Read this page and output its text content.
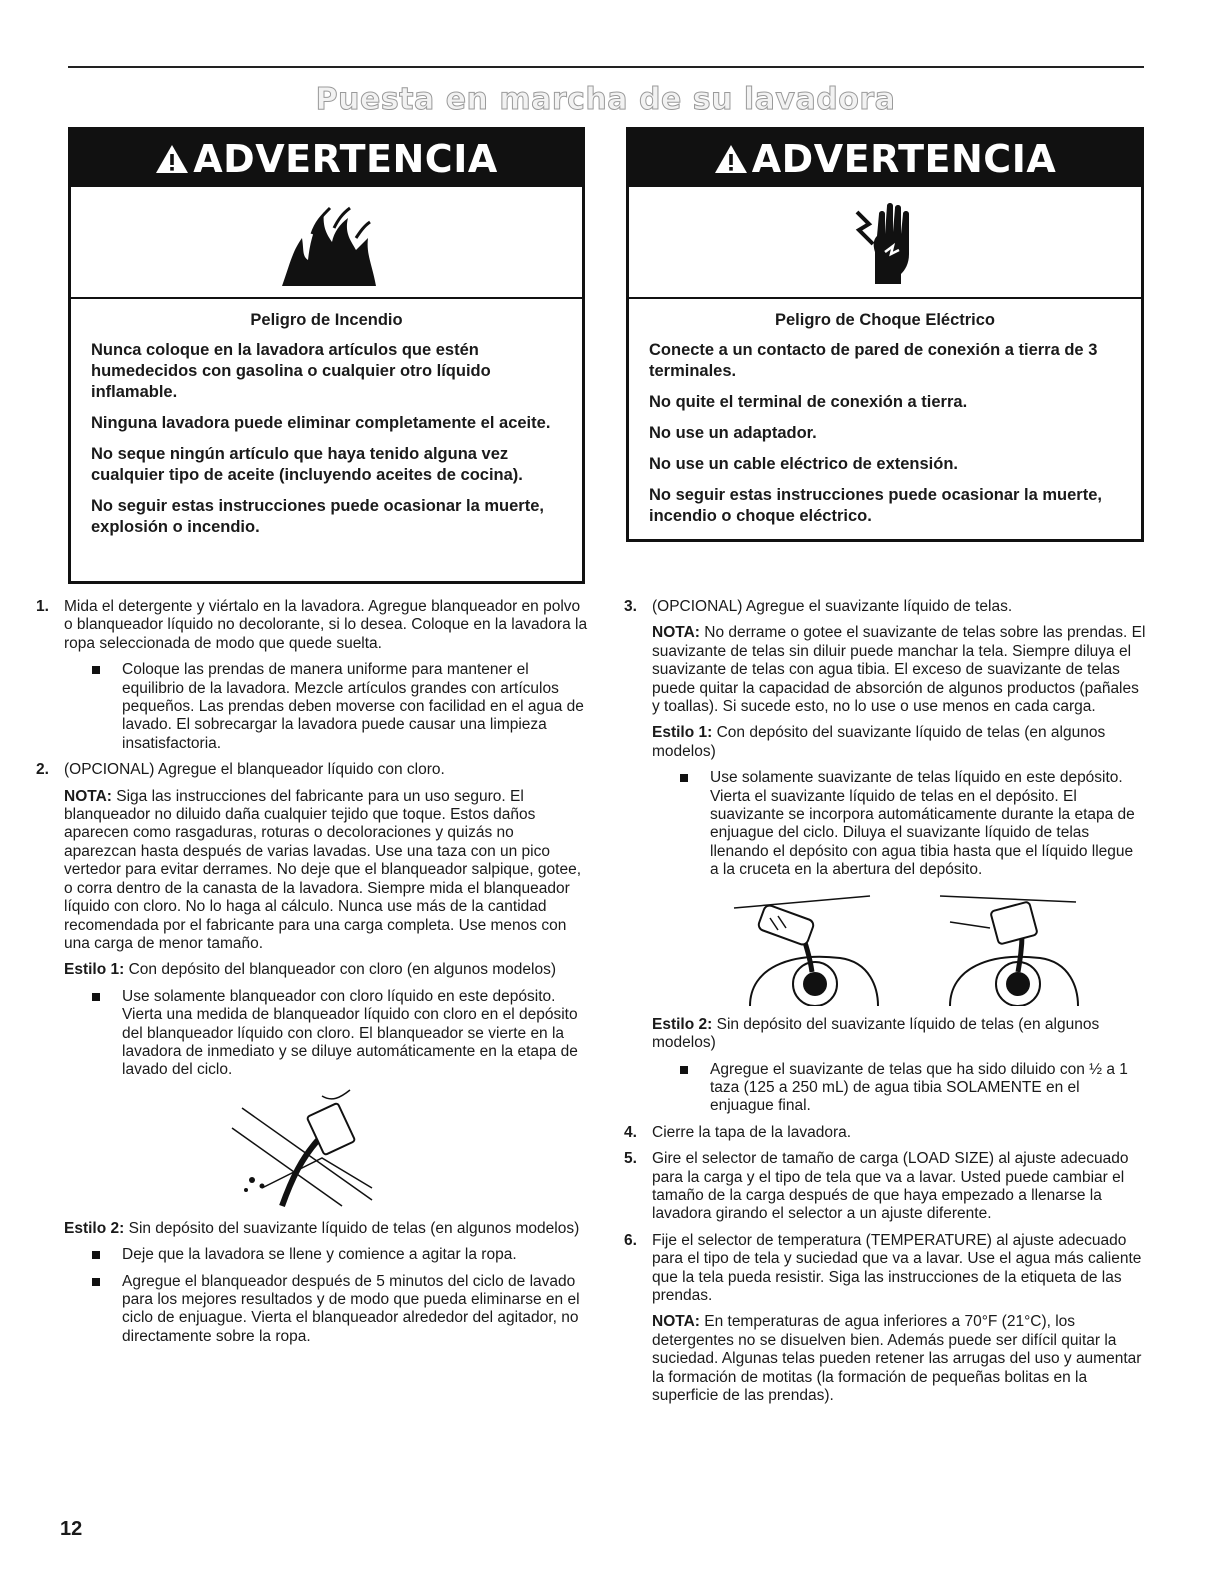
Puesta en marcha de su lavadora
ADVERTENCIA
Peligro de Incendio

Nunca coloque en la lavadora artículos que estén humedecidos con gasolina o cualquier otro líquido inflamable.

Ninguna lavadora puede eliminar completamente el aceite.

No seque ningún artículo que haya tenido alguna vez cualquier tipo de aceite (incluyendo aceites de cocina).

No seguir estas instrucciones puede ocasionar la muerte, explosión o incendio.

ADVERTENCIA
Peligro de Choque Eléctrico

Conecte a un contacto de pared de conexión a tierra de 3 terminales.

No quite el terminal de conexión a tierra.

No use un adaptador.

No use un cable eléctrico de extensión.

No seguir estas instrucciones puede ocasionar la muerte, incendio o choque eléctrico.

1. Mida el detergente y viértalo en la lavadora. Agregue blanqueador en polvo o blanqueador líquido no decolorante, si lo desea. Coloque en la lavadora la ropa seleccionada de modo que quede suelta.
Coloque las prendas de manera uniforme para mantener el equilibrio de la lavadora. Mezcle artículos grandes con artículos pequeños. Las prendas deben moverse con facilidad en el agua de lavado. El sobrecargar la lavadora puede causar una limpieza insatisfactoria.
2. (OPCIONAL) Agregue el blanqueador líquido con cloro.
NOTA: Siga las instrucciones del fabricante para un uso seguro. El blanqueador no diluido daña cualquier tejido que toque. Estos daños aparecen como rasgaduras, roturas o decoloraciones y quizás no aparezcan hasta después de varias lavadas. Use una taza con un pico vertedor para evitar derrames. No deje que el blanqueador salpique, gotee, o corra dentro de la canasta de la lavadora. Siempre mida el blanqueador líquido con cloro. No lo haga al cálculo. Nunca use más de la cantidad recomendada por el fabricante para una carga completa. Use menos con una carga de menor tamaño.
Estilo 1: Con depósito del blanqueador con cloro (en algunos modelos)
Use solamente blanqueador con cloro líquido en este depósito. Vierta una medida de blanqueador líquido con cloro en el depósito del blanqueador líquido con cloro. El blanqueador se vierte en la lavadora de inmediato y se diluye automáticamente en la etapa de lavado del ciclo.
Estilo 2: Sin depósito del suavizante líquido de telas (en algunos modelos)
Deje que la lavadora se llene y comience a agitar la ropa.
Agregue el blanqueador después de 5 minutos del ciclo de lavado para los mejores resultados y de modo que pueda eliminarse en el ciclo de enjuague. Vierta el blanqueador alrededor del agitador, no directamente sobre la ropa.
3. (OPCIONAL) Agregue el suavizante líquido de telas.
NOTA: No derrame o gotee el suavizante de telas sobre las prendas. El suavizante de telas sin diluir puede manchar la tela. Siempre diluya el suavizante de telas con agua tibia. El exceso de suavizante de telas puede quitar la capacidad de absorción de algunos productos (pañales y toallas). Si sucede esto, no lo use o use menos en cada carga.
Estilo 1: Con depósito del suavizante líquido de telas (en algunos modelos)
Use solamente suavizante de telas líquido en este depósito. Vierta el suavizante líquido de telas en el depósito. El suavizante se incorpora automáticamente durante la etapa de enjuague del ciclo. Diluya el suavizante líquido de telas llenando el depósito con agua tibia hasta que el líquido llegue a la cruceta en la abertura del depósito.
Estilo 2: Sin depósito del suavizante líquido de telas (en algunos modelos)
Agregue el suavizante de telas que ha sido diluido con ½ a 1 taza (125 a 250 mL) de agua tibia SOLAMENTE en el enjuague final.
4. Cierre la tapa de la lavadora.
5. Gire el selector de tamaño de carga (LOAD SIZE) al ajuste adecuado para la carga y el tipo de tela que va a lavar. Usted puede cambiar el tamaño de la carga después de que haya empezado a llenarse la lavadora girando el selector a un ajuste diferente.
6. Fije el selector de temperatura (TEMPERATURE) al ajuste adecuado para el tipo de tela y suciedad que va a lavar. Use el agua más caliente que la tela pueda resistir. Siga las instrucciones de la etiqueta de las prendas.
NOTA: En temperaturas de agua inferiores a 70°F (21°C), los detergentes no se disuelven bien. Además puede ser difícil quitar la suciedad. Algunas telas pueden retener las arrugas del uso y aumentar la formación de motitas (la formación de pequeñas bolitas en la superficie de las prendas).
12
